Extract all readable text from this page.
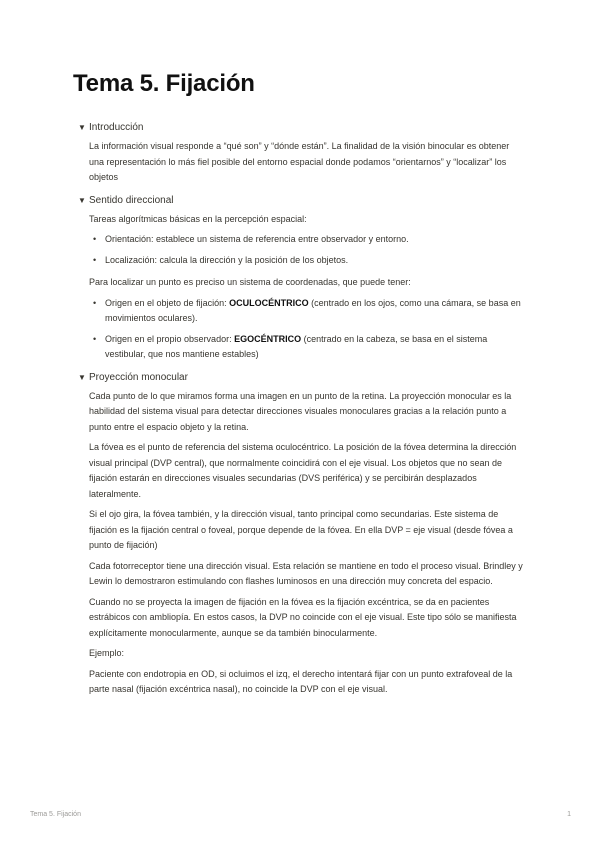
Tema 5. Fijación
▼ Introducción

La información visual responde a “qué son” y “dónde están”. La finalidad de la visión binocular es obtener una representación lo más fiel posible del entorno espacial donde podamos “orientarnos” y “localizar” los objetos

▼ Sentido direccional

Tareas algorítmicas básicas en la percepción espacial:

• Orientación: establece un sistema de referencia entre observador y entorno.
• Localización: calcula la dirección y la posición de los objetos.

Para localizar un punto es preciso un sistema de coordenadas, que puede tener:

• Origen en el objeto de fijación: OCULOCÉNTRICO (centrado en los ojos, como una cámara, se basa en movimientos oculares).
• Origen en el propio observador: EGOCÉNTRICO (centrado en la cabeza, se basa en el sistema vestibular, que nos mantiene estables)
▼ Proyección monocular

Cada punto de lo que miramos forma una imagen en un punto de la retina. La proyección monocular es la habilidad del sistema visual para detectar direcciones visuales monoculares gracias a la relación punto a punto entre el espacio objeto y la retina.

La fóvea es el punto de referencia del sistema oculocéntrico. La posición de la fóvea determina la dirección visual principal (DVP central), que normalmente coincidirá con el eje visual. Los objetos que no sean de fijación estarán en direcciones visuales secundarias (DVS periférica) y se percibirán desplazados lateralmente.

Si el ojo gira, la fóvea también, y la dirección visual, tanto principal como secundarias. Este sistema de fijación es la fijación central o foveal, porque depende de la fóvea. En ella DVP = eje visual (desde fóvea a punto de fijación)

Cada fotorreceptor tiene una dirección visual. Esta relación se mantiene en todo el proceso visual. Brindley y Lewin lo demostraron estimulando con flashes luminosos en una dirección muy concreta del espacio.

Cuando no se proyecta la imagen de fijación en la fóvea es la fijación excéntrica, se da en pacientes estrábicos con ambliopía. En estos casos, la DVP no coincide con el eje visual. Este tipo sólo se manifiesta explícitamente monocularmente, aunque se da también binocularmente.

Ejemplo:

Paciente con endotropia en OD, si ocluimos el izq, el derecho intentará fijar con un punto extrafoveal de la parte nasal (fijación excéntrica nasal), no coincide la DVP con el eje visual.

Tema 5. Fijación	1
